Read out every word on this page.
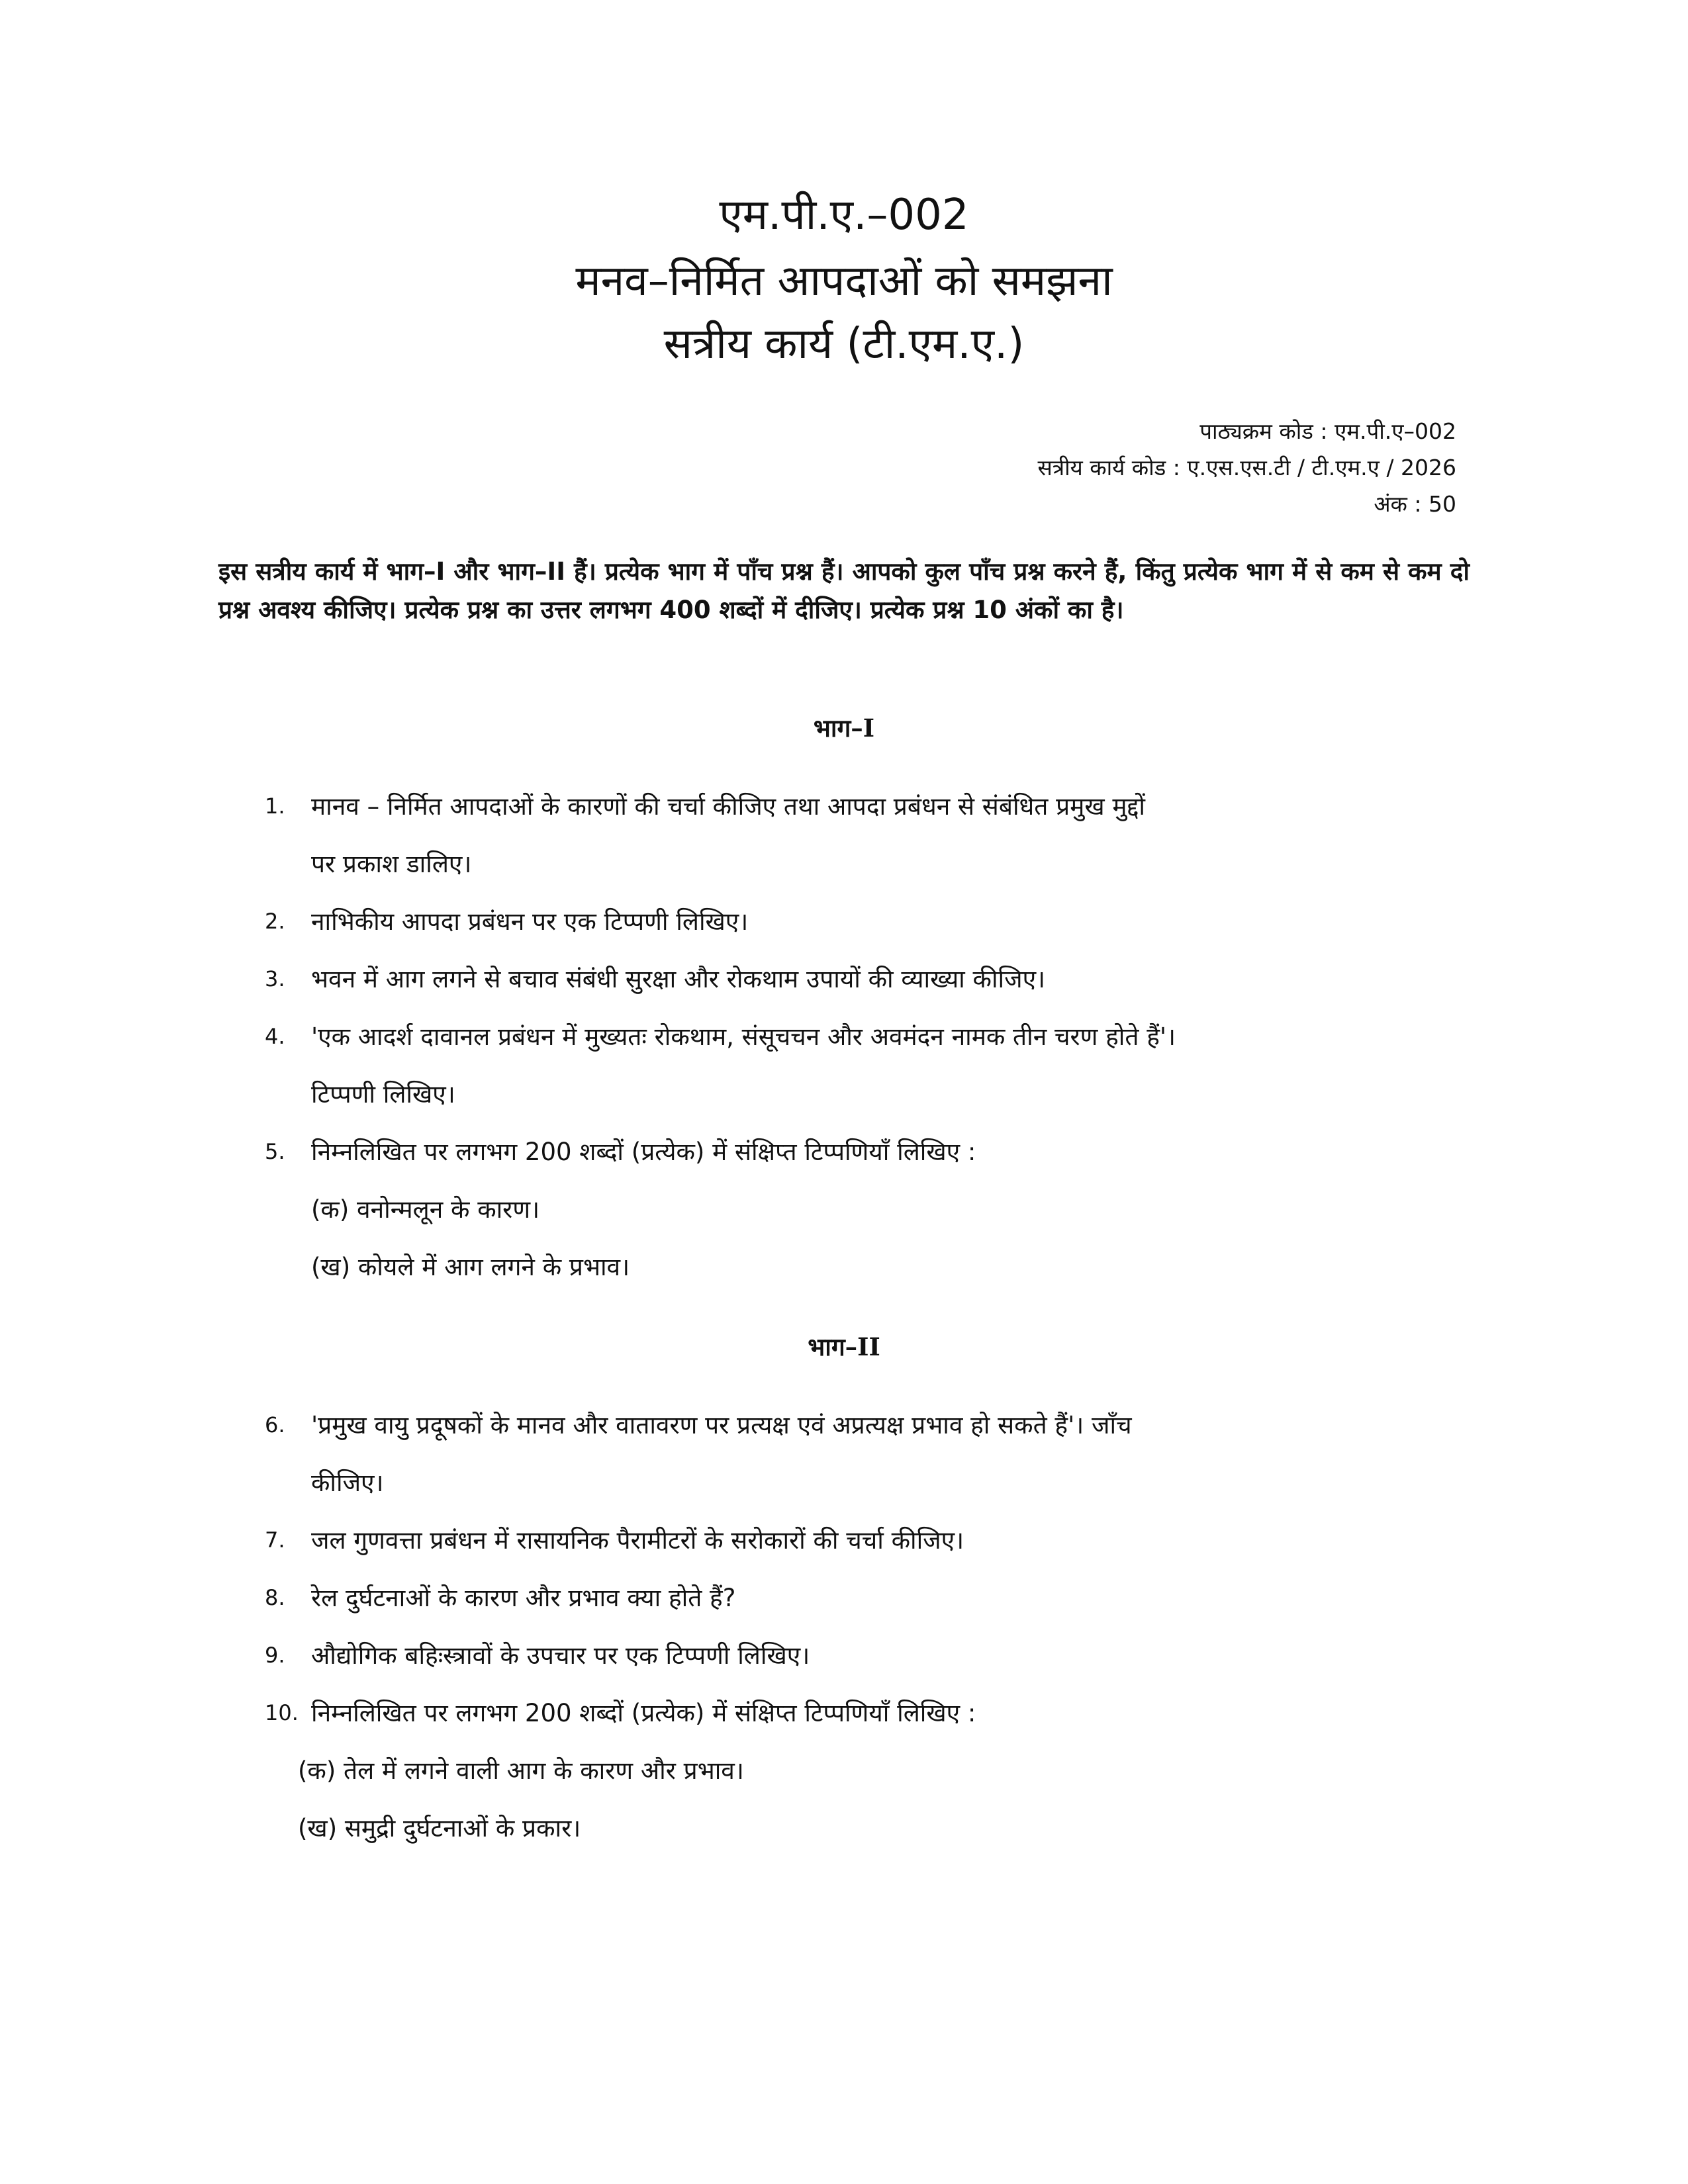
एम.पी.ए.–002
मनव–निर्मित आपदाओं को समझना
सत्रीय कार्य (टी.एम.ए.)
पाठ्यक्रम कोड : एम.पी.ए–002
सत्रीय कार्य कोड : ए.एस.एस.टी / टी.एम.ए / 2026
अंक : 50

इस सत्रीय कार्य में भाग–I और भाग–II हैं। प्रत्येक भाग में पाँच प्रश्न हैं। आपको कुल पाँच प्रश्न करने हैं, किंतु प्रत्येक भाग में से कम से कम दो प्रश्न अवश्य कीजिए। प्रत्येक प्रश्न का उत्तर लगभग 400 शब्दों में दीजिए। प्रत्येक प्रश्न 10 अंकों का है।

भाग–I
1. मानव – निर्मित आपदाओं के कारणों की चर्चा कीजिए तथा आपदा प्रबंधन से संबंधित प्रमुख मुद्दों
पर प्रकाश डालिए।
2. नाभिकीय आपदा प्रबंधन पर एक टिप्पणी लिखिए।
3. भवन में आग लगने से बचाव संबंधी सुरक्षा और रोकथाम उपायों की व्याख्या कीजिए।
4. 'एक आदर्श दावानल प्रबंधन में मुख्यतः रोकथाम, संसूचचन और अवमंदन नामक तीन चरण होते हैं'।
टिप्पणी लिखिए।
5. निम्नलिखित पर लगभग 200 शब्दों (प्रत्येक) में संक्षिप्त टिप्पणियाँ लिखिए :
(क) वनोन्मलून के कारण।
(ख) कोयले में आग लगने के प्रभाव।
भाग–II
6. 'प्रमुख वायु प्रदूषकों के मानव और वातावरण पर प्रत्यक्ष एवं अप्रत्यक्ष प्रभाव हो सकते हैं'। जाँच
कीजिए।
7. जल गुणवत्ता प्रबंधन में रासायनिक पैरामीटरों के सरोकारों की चर्चा कीजिए।
8. रेल दुर्घटनाओं के कारण और प्रभाव क्या होते हैं?
9. औद्योगिक बहिःस्त्रावों के उपचार पर एक टिप्पणी लिखिए।
10. निम्नलिखित पर लगभग 200 शब्दों (प्रत्येक) में संक्षिप्त टिप्पणियाँ लिखिए :
(क) तेल में लगने वाली आग के कारण और प्रभाव।
(ख) समुद्री दुर्घटनाओं के प्रकार।
